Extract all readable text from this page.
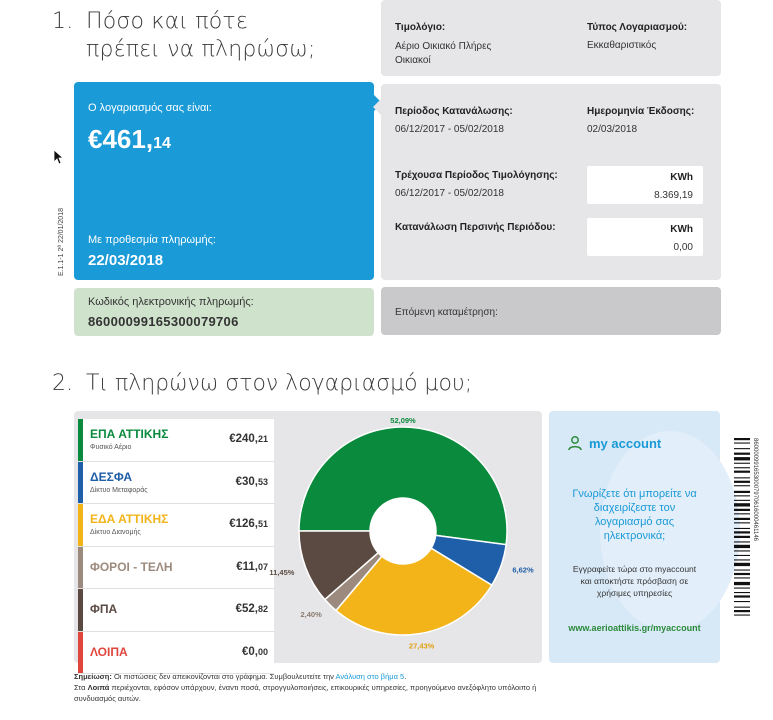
1. Πόσο και πότε
πρέπει να πληρώσω;
Τιμολόγιο:
Αέριο Οικιακό Πλήρες Οικιακοί
Τύπος Λογαριασμού:
Εκκαθαριστικός
Ο λογαριασμός σας είναι:
€461,14
Με προθεσμία πληρωμής:
22/03/2018
E.1.1-1 2ª 22/01/2018
Περίοδος Κατανάλωσης:
06/12/2017 - 05/02/2018
Ημερομηνία Έκδοσης:
02/03/2018
Τρέχουσα Περίοδος Τιμολόγησης:
06/12/2017 - 05/02/2018
KWh
8.369,19
Κατανάλωση Περσινής Περιόδου:	KWh
0,00
Κωδικός ηλεκτρονικής πληρωμής:
86000099165300079706
Επόμενη καταμέτρηση:
2. Τι πληρώνω στον λογαριασμό μου;
ΕΠΑ ΑΤΤΙΚΗΣ
Φυσικό Αέριο
€240,21
ΔΕΣΦΑ
Δίκτυο Μεταφοράς
€30,53
ΕΔΑ ΑΤΤΙΚΗΣ
Δίκτυο Διανομής
€126,51
ΦΟΡΟΙ - ΤΕΛΗ	€11,07
ΦΠΑ	€52,82
ΛΟΙΠΑ	€0,00
52,09%
6,62%
27,43%
2,40%
11,45%
my account
Γνωρίζετε ότι μπορείτε να διαχειρίζεστε τον λογαριασμό σας ηλεκτρονικά;
Εγγραφείτε τώρα στο myaccount και αποκτήστε πρόσβαση σε χρήσιμες υπηρεσίες
www.aerioattikis.gr/myaccount
8600009916530007970616000461146
Σημείωση: Οι πιστώσεις δεν απεικονίζονται στο γράφημα. Συμβουλευτείτε την Ανάλυση στο βήμα 5.
Στα Λοιπά περιέχονται, εφόσον υπάρχουν, έναντι ποσά, στρογγυλοποιήσεις, επικουρικές υπηρεσίες, προηγούμενο ανεξόφλητο υπόλοιπο ή συνδυασμός αυτών.
